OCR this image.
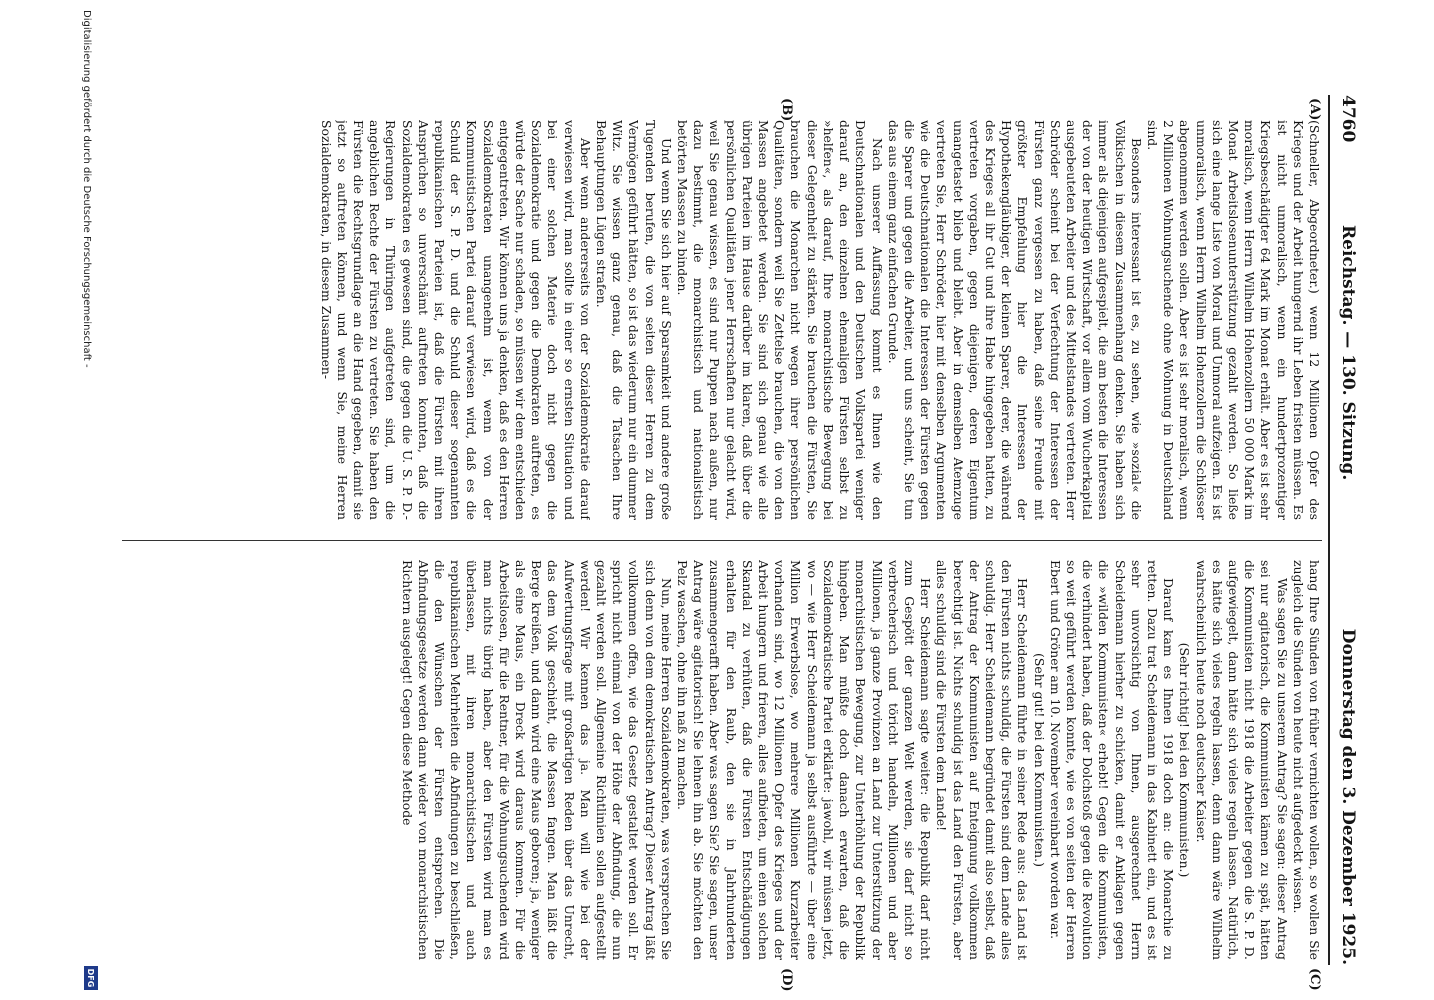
4760
Reichstag. — 130. Sitzung.
Donnerstag den 3. Dezember 1925.
(A)
(B)
(C)
(D)

(Schneller, Abgeordneter.) wenn 12 Millionen Opfer des Krieges und der Arbeit hungernd ihr Leben fristen müssen. Es ist nicht unmoralisch, wenn ein hundertprozentiger Kriegsbeschädigter 64 Mark im Monat erhält. Aber es ist sehr moralisch, wenn Herrn Wilhelm Hohenzollern 50 000 Mark im Monat Arbeitslosenunterstützung gezahlt werden. So ließe sich eine lange Liste von Moral und Unmoral aufzeigen. Es ist unmoralisch, wenn Herrn Wilhelm Hohenzollern die Schlösser abgenommen werden sollen. Aber es ist sehr moralisch, wenn 2 Millionen Wohnungsuchende ohne Wohnung in Deutschland sind.

Besonders interessant ist es, zu sehen, wie »sozial« die Völkischen in diesem Zusammenhang denken. Sie haben sich immer als diejenigen aufgespielt, die am besten die Interessen der von der heutigen Wirtschaft, vor allem vom Wucherkapital ausgebeuteten Arbeiter und des Mittelstandes vertreten. Herr Schröder scheint bei der Verfechtung der Interessen der Fürsten ganz vergessen zu haben, daß seine Freunde mit größter Empfehlung hier die Interessen der Hypothekengläubiger, der kleinen Sparer, derer, die während des Krieges all ihr Gut und ihre Habe hingegeben hatten, zu vertreten vorgaben, gegen diejenigen, deren Eigentum unangetastet blieb und bleibt. Aber in demselben Atemzuge vertreten Sie, Herr Schröder, hier mit denselben Argumenten wie die Deutschnationalen die Interessen der Fürsten gegen die Sparer und gegen die Arbeiter, und uns scheint, Sie tun das aus einem ganz einfachen Grunde.

Nach unserer Auffassung kommt es Ihnen wie den Deutschnationalen und den Deutschen Volkspartei weniger darauf an, den einzelnen ehemaligen Fürsten selbst zu »helfen«, als darauf, Ihre monarchistische Bewegung bei dieser Gelegenheit zu stärken. Sie brauchen die Fürsten, Sie brauchen die Monarchen nicht wegen ihrer persönlichen Qualitäten, sondern weil Sie Zettelse brauchen, die von den Massen angebetet werden. Sie sind sich genau wie alle übrigen Parteien im Hause darüber im klaren, daß über die persönlichen Qualitäten jener Herrschaften nur gelacht wird, weil Sie genau wissen, es sind nur Puppen nach außen, nur dazu bestimmt, die monarchistisch und nationalistisch betörten Massen zu binden.

Und wenn Sie sich hier auf Sparsamkeit und andere große Tugenden berufen, die von seiten dieser Herren zu dem Vermögen geführt hätten, so ist das wiederum nur ein dummer Witz. Sie wissen ganz genau, daß die Tatsachen Ihre Behauptungen Lügen strafen.

Aber wenn andererseits von der Sozialdemokratie darauf verwiesen wird, man sollte in einer so ernsten Situation und bei einer solchen Materie doch nicht gegen die Sozialdemokratie und gegen die Demokraten auftreten, es würde der Sache nur schaden, so müssen wir dem entschieden entgegentreten. Wir können uns ja denken, daß es den Herren Sozialdemokraten unangenehm ist, wenn von der Kommunistischen Partei darauf verwiesen wird, daß es die Schuld der S. P. D. und die Schuld dieser sogenannten republikanischen Parteien ist, daß die Fürsten mit ihren Ansprüchen so unverschämt auftreten konnten, daß die Sozialdemokraten es gewesen sind, die gegen die U. S. P. D.-Regierungen in Thüringen aufgetreten sind, um die angeblichen Rechte der Fürsten zu vertreten. Sie haben den Fürsten die Rechtsgrundlage an die Hand gegeben, damit sie jetzt so auftreten können, und wenn Sie, meine Herren Sozialdemokraten, in diesem Zusammen-

hang Ihre Sünden von früher vernichten wollen, so wollen Sie zugleich die Sünden von heute nicht aufgedeckt wissen.

Was sagen Sie zu unserem Antrag? Sie sagen: dieser Antrag sei nur agitatorisch, die Kommunisten kämen zu spät, hätten die Kommunisten nicht 1918 die Arbeiter gegen die S. P. D. aufgewiegelt, dann hätte sich vieles regeln lassen. Natürlich, es hätte sich vieles regeln lassen, denn dann wäre Wilhelm wahrscheinlich heute noch deutscher Kaiser.

(Sehr richtig! bei den Kommunisten.)

Darauf kam es Ihnen 1918 doch an: die Monarchie zu retten. Dazu trat Scheidemann in das Kabinett ein, und es ist sehr unvorsichtig von Ihnen, ausgerechnet Herrn Scheidemann hierher zu schicken, damit er Anklagen gegen die »wilden Kommunisten« erhebt! Gegen die Kommunisten, die verhindert haben, daß der Dolchstoß gegen die Revolution so weit geführt werden konnte, wie es von seiten der Herren Ebert und Gröner am 10. November vereinbart worden war.

(Sehr gut! bei den Kommunisten.)

Herr Scheidemann führte in seiner Rede aus: das Land ist den Fürsten nichts schuldig, die Fürsten sind dem Lande alles schuldig. Herr Scheidemann begründet damit also selbst, daß der Antrag der Kommunisten auf Enteignung vollkommen berechtigt ist. Nichts schuldig ist das Land den Fürsten, aber alles schuldig sind die Fürsten dem Lande!

Herr Scheidemann sagte weiter: die Republik darf nicht zum Gespött der ganzen Welt werden, sie darf nicht so verbrecherisch und töricht handeln, Millionen und aber Millionen, ja ganze Provinzen an Land zur Unterstützung der monarchistischen Bewegung, zur Unterhöhlung der Republik hingeben. Man müßte doch danach erwarten, daß die Sozialdemokratische Partei erklärte: jawohl, wir müssen jetzt, wo — wie Herr Scheidemann ja selbst ausführte — über eine Million Erwerbslose, wo mehrere Millionen Kurzarbeiter vorhanden sind, wo 12 Millionen Opfer des Krieges und der Arbeit hungern und frieren, alles aufbieten, um einen solchen Skandal zu verhüten, daß die Fürsten Entschädigungen erhalten für den Raub, den sie in Jahrhunderten zusammengerafft haben. Aber was sagen Sie? Sie sagen, unser Antrag wäre agitatorisch! Sie lehnen ihn ab. Sie möchten den Pelz waschen, ohne ihn naß zu machen.

Nun, meine Herren Sozialdemokraten, was versprechen Sie sich denn von dem demokratischen Antrag? Dieser Antrag läßt vollkommen offen, wie das Gesetz gestaltet werden soll. Er spricht nicht einmal von der Höhe der Abfindung, die nun gezahlt werden soll. Allgemeine Richtlinien sollen aufgestellt werden! Wir kennen das ja. Man will wie bei der Aufwertungsfrage mit großartigen Reden über das Unrecht, das dem Volk geschieht, die Massen fangen. Man läßt die Berge kreißen, und dann wird eine Maus geboren; ja, weniger als eine Maus, ein Dreck wird daraus kommen. Für die Arbeitslosen, für die Rentner, für die Wohnungsuchenden wird man nichts übrig haben, aber den Fürsten wird man es überlassen, mit ihren monarchistischen und auch republikanischen Mehrheiten die Abfindungen zu beschließen, die den Wünschen der Fürsten entsprechen. Die Abfindungsgesetze werden dann wieder von monarchistischen Richtern ausgelegt! Gegen diese Methode

Digitalisierung gefördert durch die Deutsche Forschungsgemeinschaft -
DFG
